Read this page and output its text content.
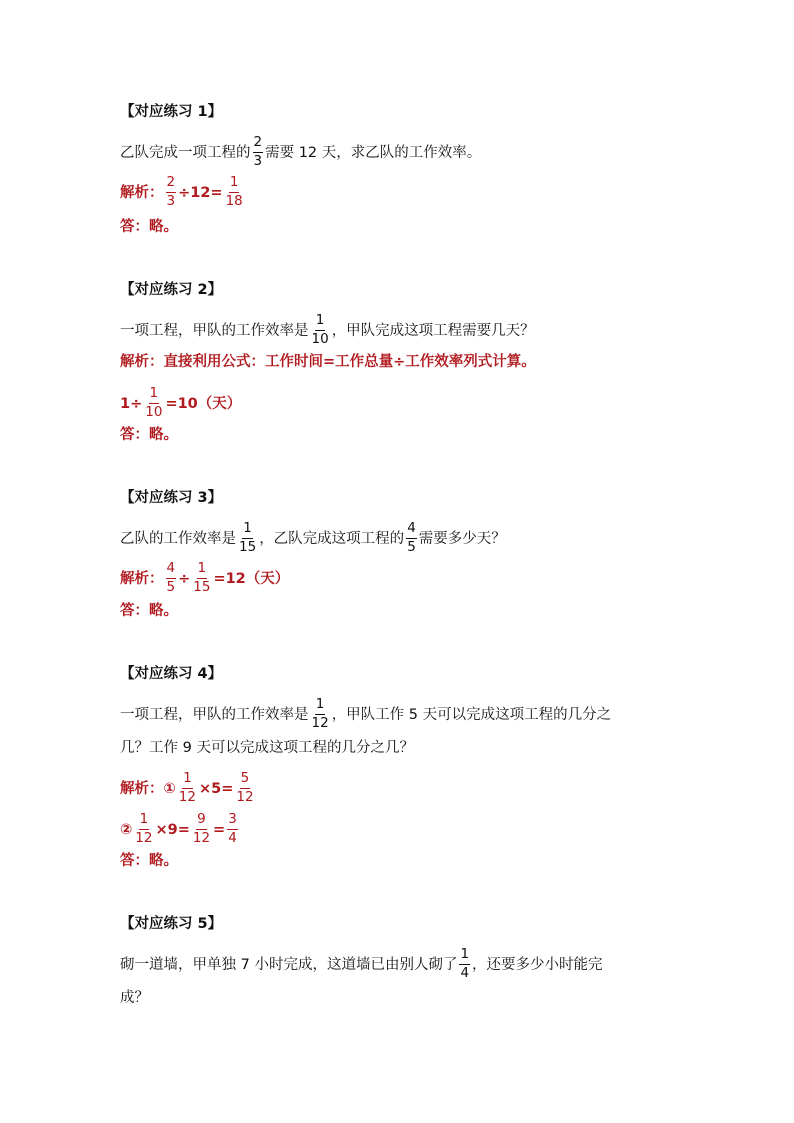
【对应练习 1】
乙队完成一项工程的 $\frac{2}{3}$ 需要 12 天，求乙队的工作效率。
解析： $\frac{2}{3} \div 12= \frac{1}{18}$
答：略。
【对应练习 2】
一项工程，甲队的工作效率是 $\frac{1}{10}$ ，甲队完成这项工程需要几天？
解析：直接利用公式：工作时间=工作总量÷工作效率列式计算。
$1\div \frac{1}{10} =10$（天）
答：略。
【对应练习 3】
乙队的工作效率是 $\frac{1}{15}$ ，乙队完成这项工程的 $\frac{4}{5}$ 需要多少天？
解析： $\frac{4}{5} \div \frac{1}{15} =12$（天）
答：略。
【对应练习 4】
一项工程，甲队的工作效率是 $\frac{1}{12}$ ，甲队工作 5 天可以完成这项工程的几分之
几？工作 9 天可以完成这项工程的几分之几？
解析：① $\frac{1}{12} \times 5= \frac{5}{12}$
② $\frac{1}{12} \times 9= \frac{9}{12} = \frac{3}{4}$
答：略。
【对应练习 5】
砌一道墙，甲单独 7 小时完成，这道墙已由别人砌了 $\frac{1}{4}$ ，还要多少小时能完
成？
